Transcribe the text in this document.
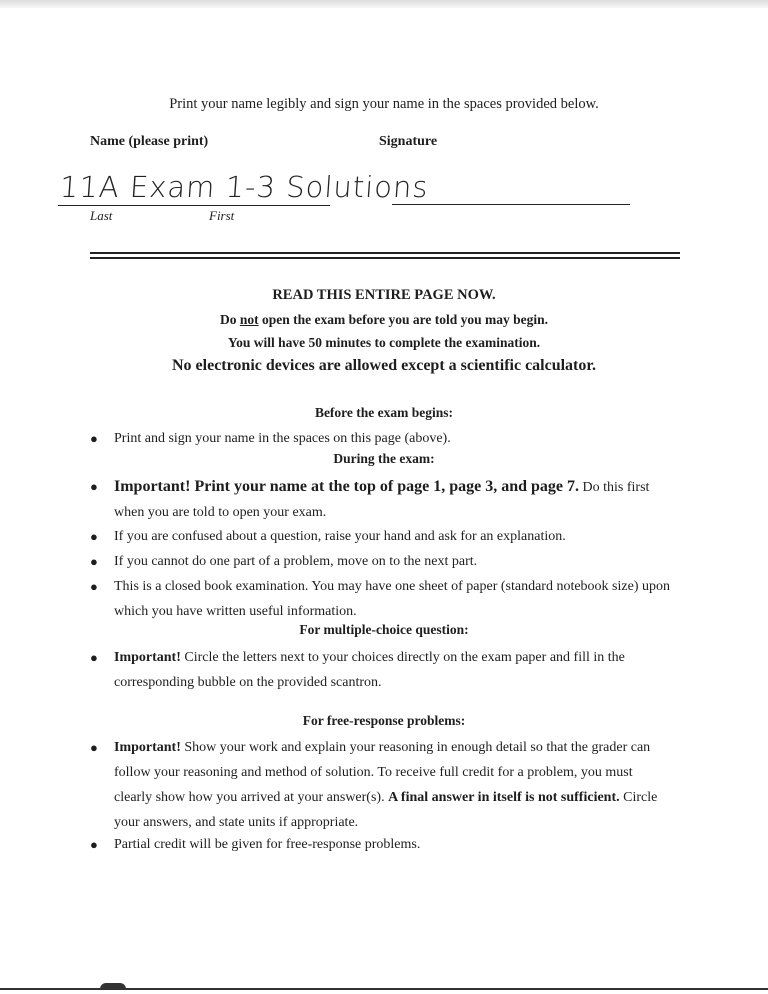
Print your name legibly and sign your name in the spaces provided below.
Name (please print)	Signature
11A Exam 1-3 Solutions
Last	First
READ THIS ENTIRE PAGE NOW.
Do not open the exam before you are told you may begin.
You will have 50 minutes to complete the examination.
No electronic devices are allowed except a scientific calculator.
Before the exam begins:
●	Print and sign your name in the spaces on this page (above).
During the exam:
●	Important! Print your name at the top of page 1, page 3, and page 7. Do this first when you are told to open your exam.
●	If you are confused about a question, raise your hand and ask for an explanation.
●	If you cannot do one part of a problem, move on to the next part.
●	This is a closed book examination. You may have one sheet of paper (standard notebook size) upon which you have written useful information.
For multiple-choice question:
●	Important! Circle the letters next to your choices directly on the exam paper and fill in the corresponding bubble on the provided scantron.
For free-response problems:
●	Important! Show your work and explain your reasoning in enough detail so that the grader can follow your reasoning and method of solution. To receive full credit for a problem, you must clearly show how you arrived at your answer(s). A final answer in itself is not sufficient. Circle your answers, and state units if appropriate.
●	Partial credit will be given for free-response problems.
